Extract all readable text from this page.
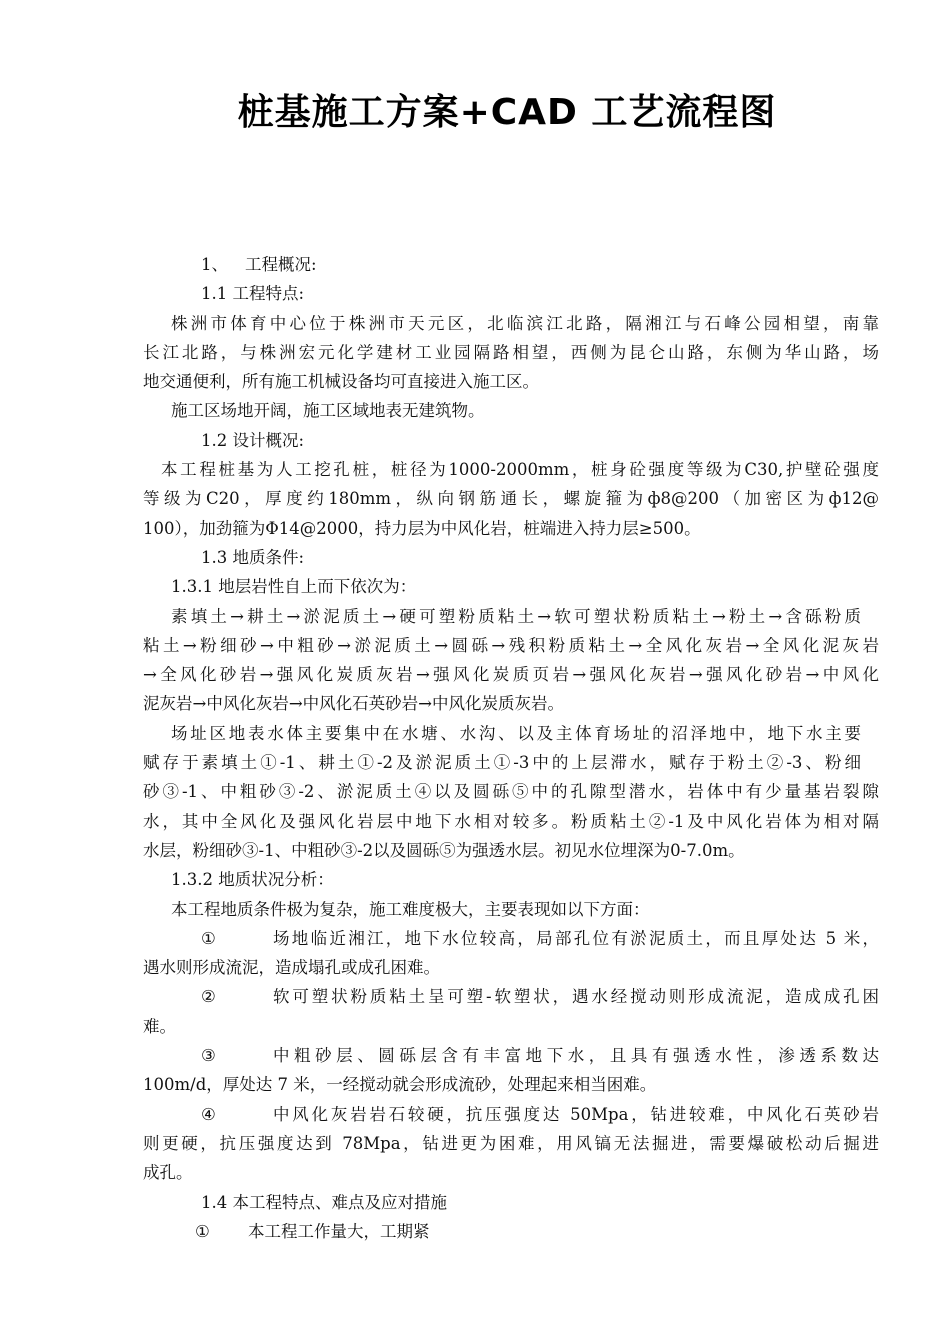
桩基施工方案+CAD 工艺流程图
1、 工程概况:
1.1 工程特点:
株洲市体育中心位于株洲市天元区，北临滨江北路，隔湘江与石峰公园相望，南靠
长江北路，与株洲宏元化学建材工业园隔路相望，西侧为昆仑山路，东侧为华山路，场
地交通便利，所有施工机械设备均可直接进入施工区。
施工区场地开阔，施工区域地表无建筑物。
1.2 设计概况:
本工程桩基为人工挖孔桩，桩径为1000-2000mm，桩身砼强度等级为C30,护壁砼强度
等级为C20，厚度约180mm，纵向钢筋通长，螺旋箍为ф8@200（加密区为ф12@
100），加劲箍为Φ14@2000，持力层为中风化岩，桩端进入持力层≥500。
1.3 地质条件:
1.3.1 地层岩性自上而下依次为：
素填土→耕土→淤泥质土→硬可塑粉质粘土→软可塑状粉质粘土→粉土→含砾粉质
粘土→粉细砂→中粗砂→淤泥质土→圆砾→残积粉质粘土→全风化灰岩→全风化泥灰岩
→全风化砂岩→强风化炭质灰岩→强风化炭质页岩→强风化灰岩→强风化砂岩→中风化
泥灰岩→中风化灰岩→中风化石英砂岩→中风化炭质灰岩。
场址区地表水体主要集中在水塘、水沟、以及主体育场址的沼泽地中，地下水主要
赋存于素填土①-1、耕土①-2及淤泥质土①-3中的上层滞水，赋存于粉土②-3、粉细
砂③-1、中粗砂③-2、淤泥质土④以及圆砾⑤中的孔隙型潜水，岩体中有少量基岩裂隙
水，其中全风化及强风化岩层中地下水相对较多。粉质粘土②-1及中风化岩体为相对隔
水层，粉细砂③-1、中粗砂③-2以及圆砾⑤为强透水层。初见水位埋深为0-7.0m。
1.3.2 地质状况分析：
本工程地质条件极为复杂，施工难度极大，主要表现如以下方面：
①	场地临近湘江，地下水位较高，局部孔位有淤泥质土，而且厚处达 5 米，
遇水则形成流泥，造成塌孔或成孔困难。
②	软可塑状粉质粘土呈可塑-软塑状，遇水经搅动则形成流泥，造成成孔困
难。
③	中粗砂层、圆砾层含有丰富地下水，且具有强透水性，渗透系数达
100m/d，厚处达 7 米，一经搅动就会形成流砂，处理起来相当困难。
④	中风化灰岩岩石较硬，抗压强度达 50Mpa，钻进较难，中风化石英砂岩
则更硬，抗压强度达到 78Mpa，钻进更为困难，用风镐无法掘进，需要爆破松动后掘进
成孔。
1.4 本工程特点、难点及应对措施
①	本工程工作量大，工期紧
